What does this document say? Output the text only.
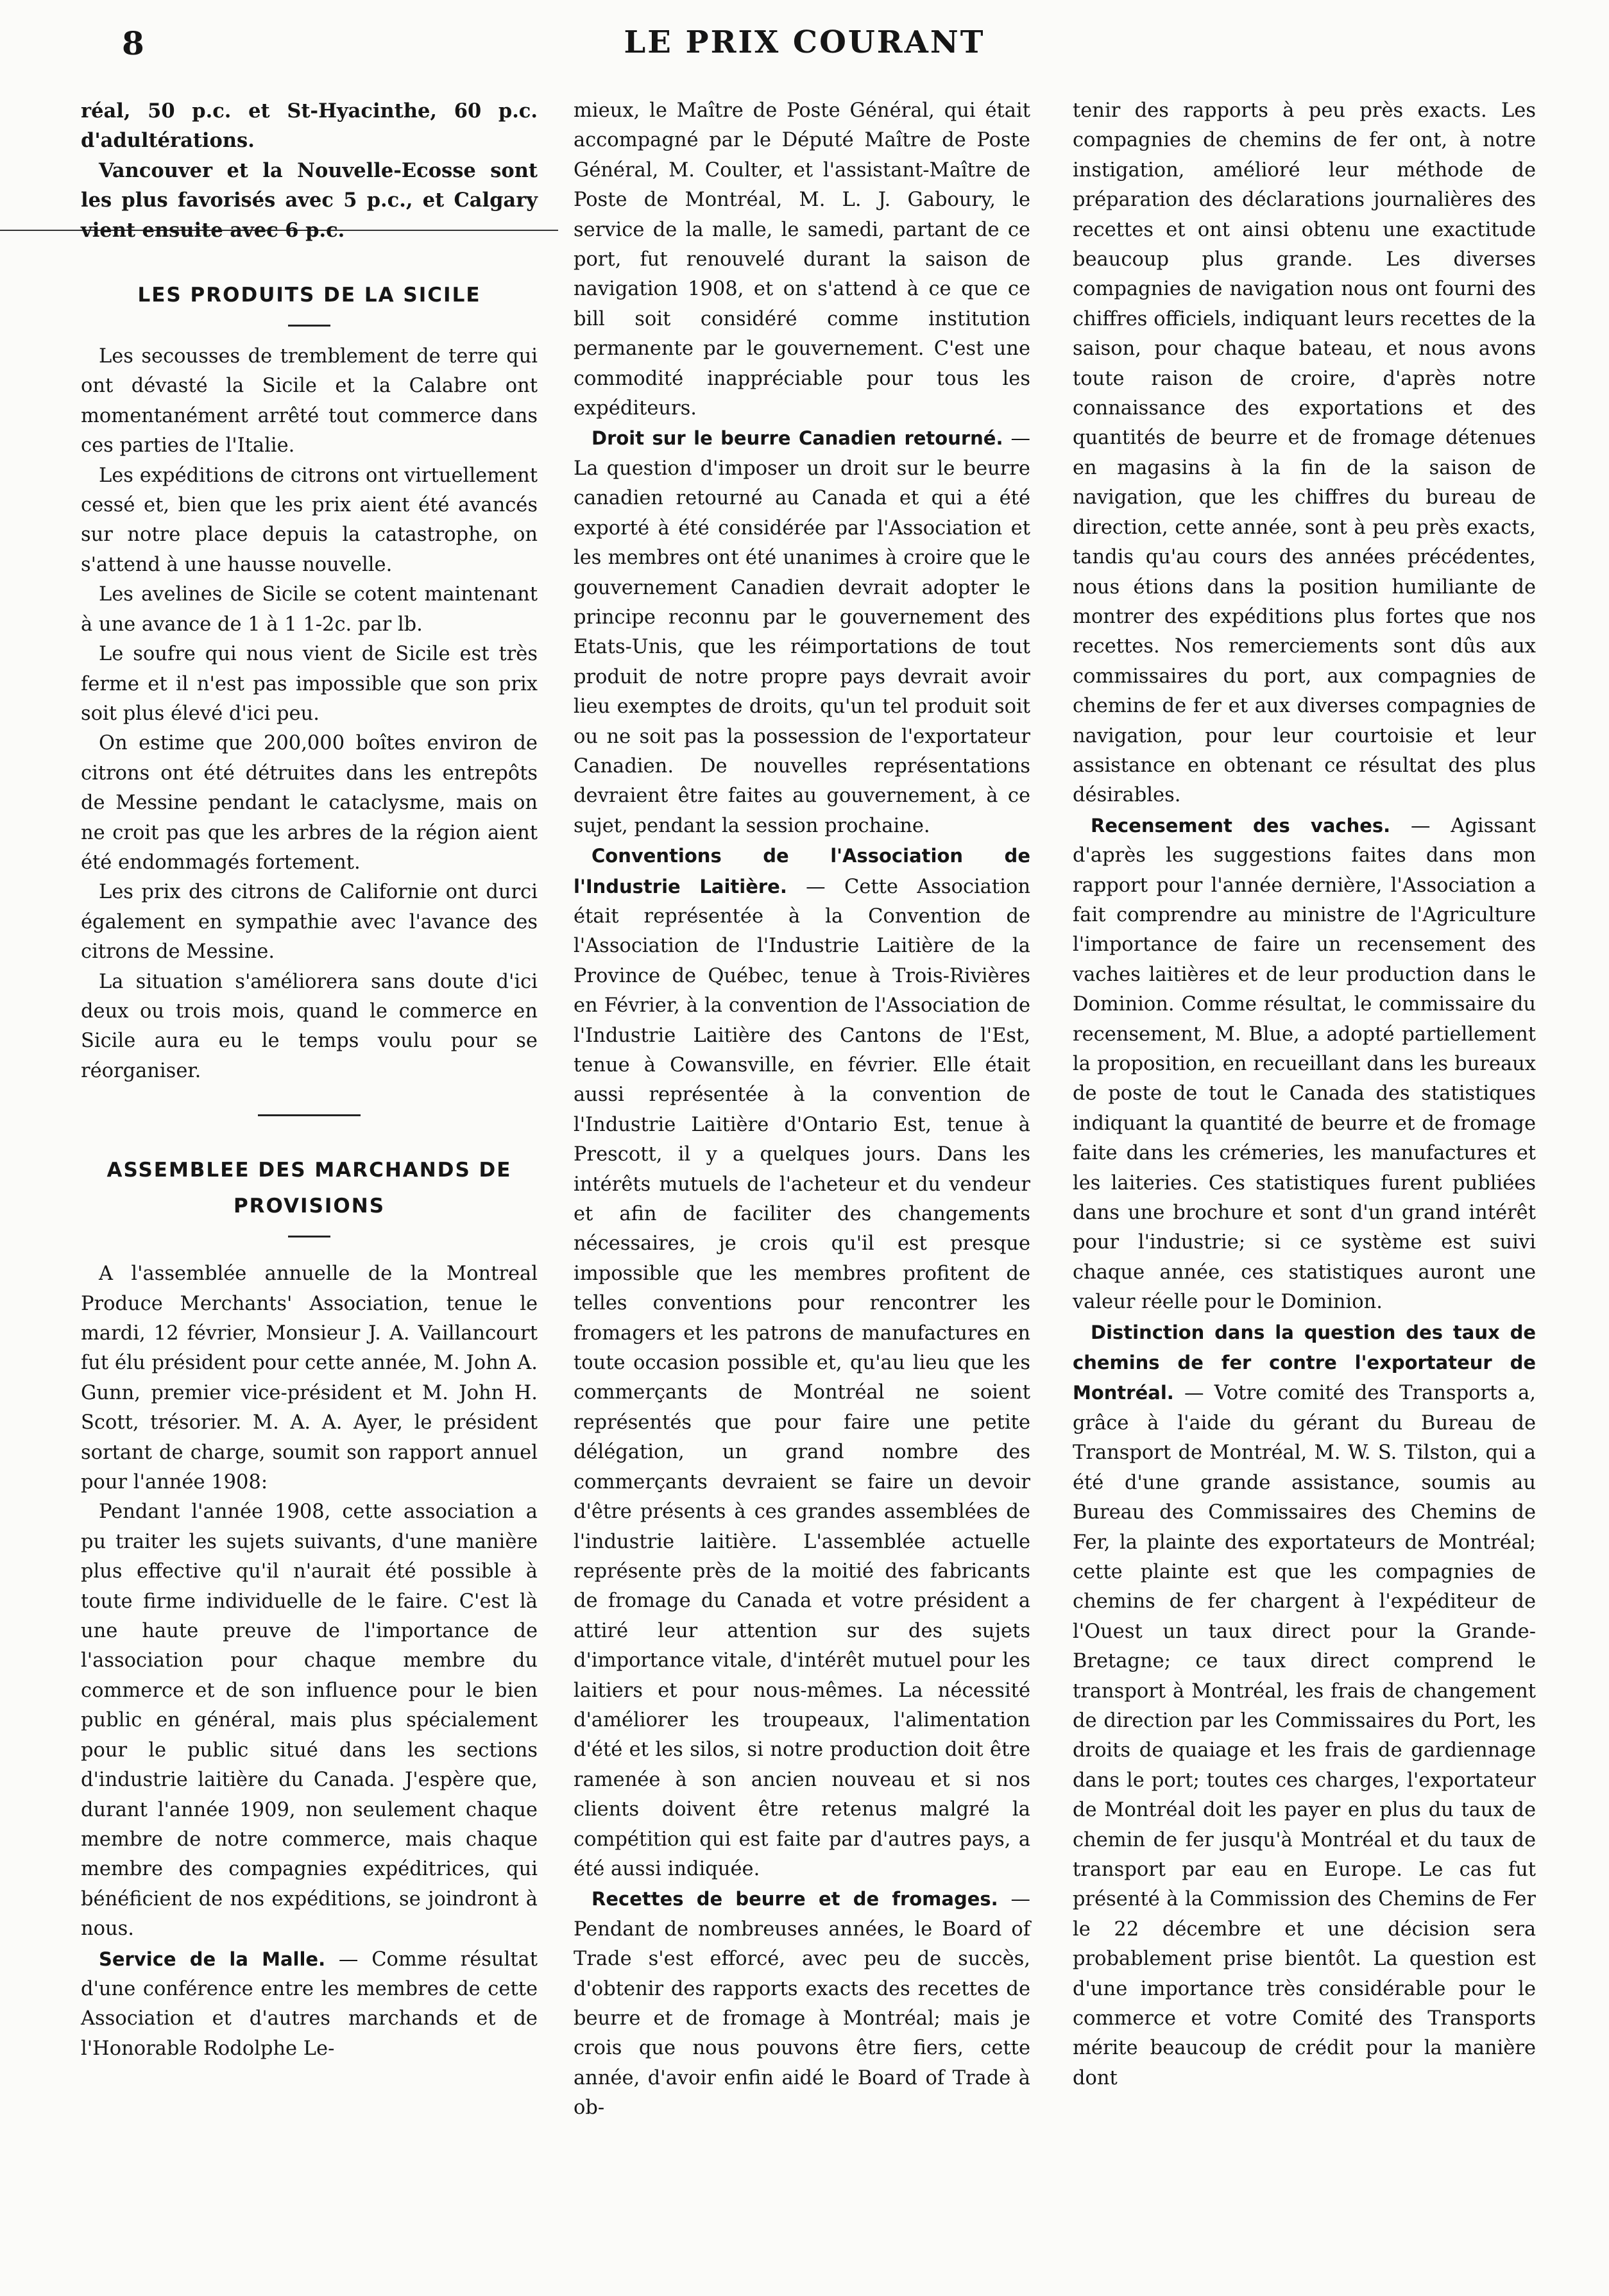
8	LE PRIX COURANT

réal, 50 p.c. et St-Hyacinthe, 60 p.c. d'adultérations.

Vancouver et la Nouvelle-Ecosse sont les plus favorisés avec 5 p.c., et Calgary vient ensuite avec 6 p.c.

LES PRODUITS DE LA SICILE

Les secousses de tremblement de terre qui ont dévasté la Sicile et la Calabre ont momentanément arrêté tout commerce dans ces parties de l'Italie.

Les expéditions de citrons ont virtuellement cessé et, bien que les prix aient été avancés sur notre place depuis la catastrophe, on s'attend à une hausse nouvelle.

Les avelines de Sicile se cotent maintenant à une avance de 1 à 1 1-2c. par lb.

Le soufre qui nous vient de Sicile est très ferme et il n'est pas impossible que son prix soit plus élevé d'ici peu.

On estime que 200,000 boîtes environ de citrons ont été détruites dans les entrepôts de Messine pendant le cataclysme, mais on ne croit pas que les arbres de la région aient été endommagés fortement.

Les prix des citrons de Californie ont durci également en sympathie avec l'avance des citrons de Messine.

La situation s'améliorera sans doute d'ici deux ou trois mois, quand le commerce en Sicile aura eu le temps voulu pour se réorganiser.

ASSEMBLEE DES MARCHANDS DE
PROVISIONS

A l'assemblée annuelle de la Montreal Produce Merchants' Association, tenue le mardi, 12 février, Monsieur J. A. Vaillancourt fut élu président pour cette année, M. John A. Gunn, premier vice-président et M. John H. Scott, trésorier. M. A. A. Ayer, le président sortant de charge, soumit son rapport annuel pour l'année 1908:

Pendant l'année 1908, cette association a pu traiter les sujets suivants, d'une manière plus effective qu'il n'aurait été possible à toute firme individuelle de le faire. C'est là une haute preuve de l'importance de l'association pour chaque membre du commerce et de son influence pour le bien public en général, mais plus spécialement pour le public situé dans les sections d'industrie laitière du Canada. J'espère que, durant l'année 1909, non seulement chaque membre de notre commerce, mais chaque membre des compagnies expéditrices, qui bénéficient de nos expéditions, se joindront à nous.

Service de la Malle. — Comme résultat d'une conférence entre les membres de cette Association et d'autres marchands et de l'Honorable Rodolphe Le-

mieux, le Maître de Poste Général, qui était accompagné par le Député Maître de Poste Général, M. Coulter, et l'assistant-Maître de Poste de Montréal, M. L. J. Gaboury, le service de la malle, le samedi, partant de ce port, fut renouvelé durant la saison de navigation 1908, et on s'attend à ce que ce bill soit considéré comme institution permanente par le gouvernement. C'est une commodité inappréciable pour tous les expéditeurs.

Droit sur le beurre Canadien retourné. — La question d'imposer un droit sur le beurre canadien retourné au Canada et qui a été exporté à été considérée par l'Association et les membres ont été unanimes à croire que le gouvernement Canadien devrait adopter le principe reconnu par le gouvernement des Etats-Unis, que les réimportations de tout produit de notre propre pays devrait avoir lieu exemptes de droits, qu'un tel produit soit ou ne soit pas la possession de l'exportateur Canadien. De nouvelles représentations devraient être faites au gouvernement, à ce sujet, pendant la session prochaine.

Conventions de l'Association de l'Industrie Laitière. — Cette Association était représentée à la Convention de l'Association de l'Industrie Laitière de la Province de Québec, tenue à Trois-Rivières en Février, à la convention de l'Association de l'Industrie Laitière des Cantons de l'Est, tenue à Cowansville, en février. Elle était aussi représentée à la convention de l'Industrie Laitière d'Ontario Est, tenue à Prescott, il y a quelques jours. Dans les intérêts mutuels de l'acheteur et du vendeur et afin de faciliter des changements nécessaires, je crois qu'il est presque impossible que les membres profitent de telles conventions pour rencontrer les fromagers et les patrons de manufactures en toute occasion possible et, qu'au lieu que les commerçants de Montréal ne soient représentés que pour faire une petite délégation, un grand nombre des commerçants devraient se faire un devoir d'être présents à ces grandes assemblées de l'industrie laitière. L'assemblée actuelle représente près de la moitié des fabricants de fromage du Canada et votre président a attiré leur attention sur des sujets d'importance vitale, d'intérêt mutuel pour les laitiers et pour nous-mêmes. La nécessité d'améliorer les troupeaux, l'alimentation d'été et les silos, si notre production doit être ramenée à son ancien nouveau et si nos clients doivent être retenus malgré la compétition qui est faite par d'autres pays, a été aussi indiquée.

Recettes de beurre et de fromages. — Pendant de nombreuses années, le Board of Trade s'est efforcé, avec peu de succès, d'obtenir des rapports exacts des recettes de beurre et de fromage à Montréal; mais je crois que nous pouvons être fiers, cette année, d'avoir enfin aidé le Board of Trade à ob-

tenir des rapports à peu près exacts. Les compagnies de chemins de fer ont, à notre instigation, amélioré leur méthode de préparation des déclarations journalières des recettes et ont ainsi obtenu une exactitude beaucoup plus grande. Les diverses compagnies de navigation nous ont fourni des chiffres officiels, indiquant leurs recettes de la saison, pour chaque bateau, et nous avons toute raison de croire, d'après notre connaissance des exportations et des quantités de beurre et de fromage détenues en magasins à la fin de la saison de navigation, que les chiffres du bureau de direction, cette année, sont à peu près exacts, tandis qu'au cours des années précédentes, nous étions dans la position humiliante de montrer des expéditions plus fortes que nos recettes. Nos remerciements sont dûs aux commissaires du port, aux compagnies de chemins de fer et aux diverses compagnies de navigation, pour leur courtoisie et leur assistance en obtenant ce résultat des plus désirables.

Recensement des vaches. — Agissant d'après les suggestions faites dans mon rapport pour l'année dernière, l'Association a fait comprendre au ministre de l'Agriculture l'importance de faire un recensement des vaches laitières et de leur production dans le Dominion. Comme résultat, le commissaire du recensement, M. Blue, a adopté partiellement la proposition, en recueillant dans les bureaux de poste de tout le Canada des statistiques indiquant la quantité de beurre et de fromage faite dans les crémeries, les manufactures et les laiteries. Ces statistiques furent publiées dans une brochure et sont d'un grand intérêt pour l'industrie; si ce système est suivi chaque année, ces statistiques auront une valeur réelle pour le Dominion.

Distinction dans la question des taux de chemins de fer contre l'exportateur de Montréal. — Votre comité des Transports a, grâce à l'aide du gérant du Bureau de Transport de Montréal, M. W. S. Tilston, qui a été d'une grande assistance, soumis au Bureau des Commissaires des Chemins de Fer, la plainte des exportateurs de Montréal; cette plainte est que les compagnies de chemins de fer chargent à l'expéditeur de l'Ouest un taux direct pour la Grande-Bretagne; ce taux direct comprend le transport à Montréal, les frais de changement de direction par les Commissaires du Port, les droits de quaiage et les frais de gardiennage dans le port; toutes ces charges, l'exportateur de Montréal doit les payer en plus du taux de chemin de fer jusqu'à Montréal et du taux de transport par eau en Europe. Le cas fut présenté à la Commission des Chemins de Fer le 22 décembre et une décision sera probablement prise bientôt. La question est d'une importance très considérable pour le commerce et votre Comité des Transports mérite beaucoup de crédit pour la manière dont
